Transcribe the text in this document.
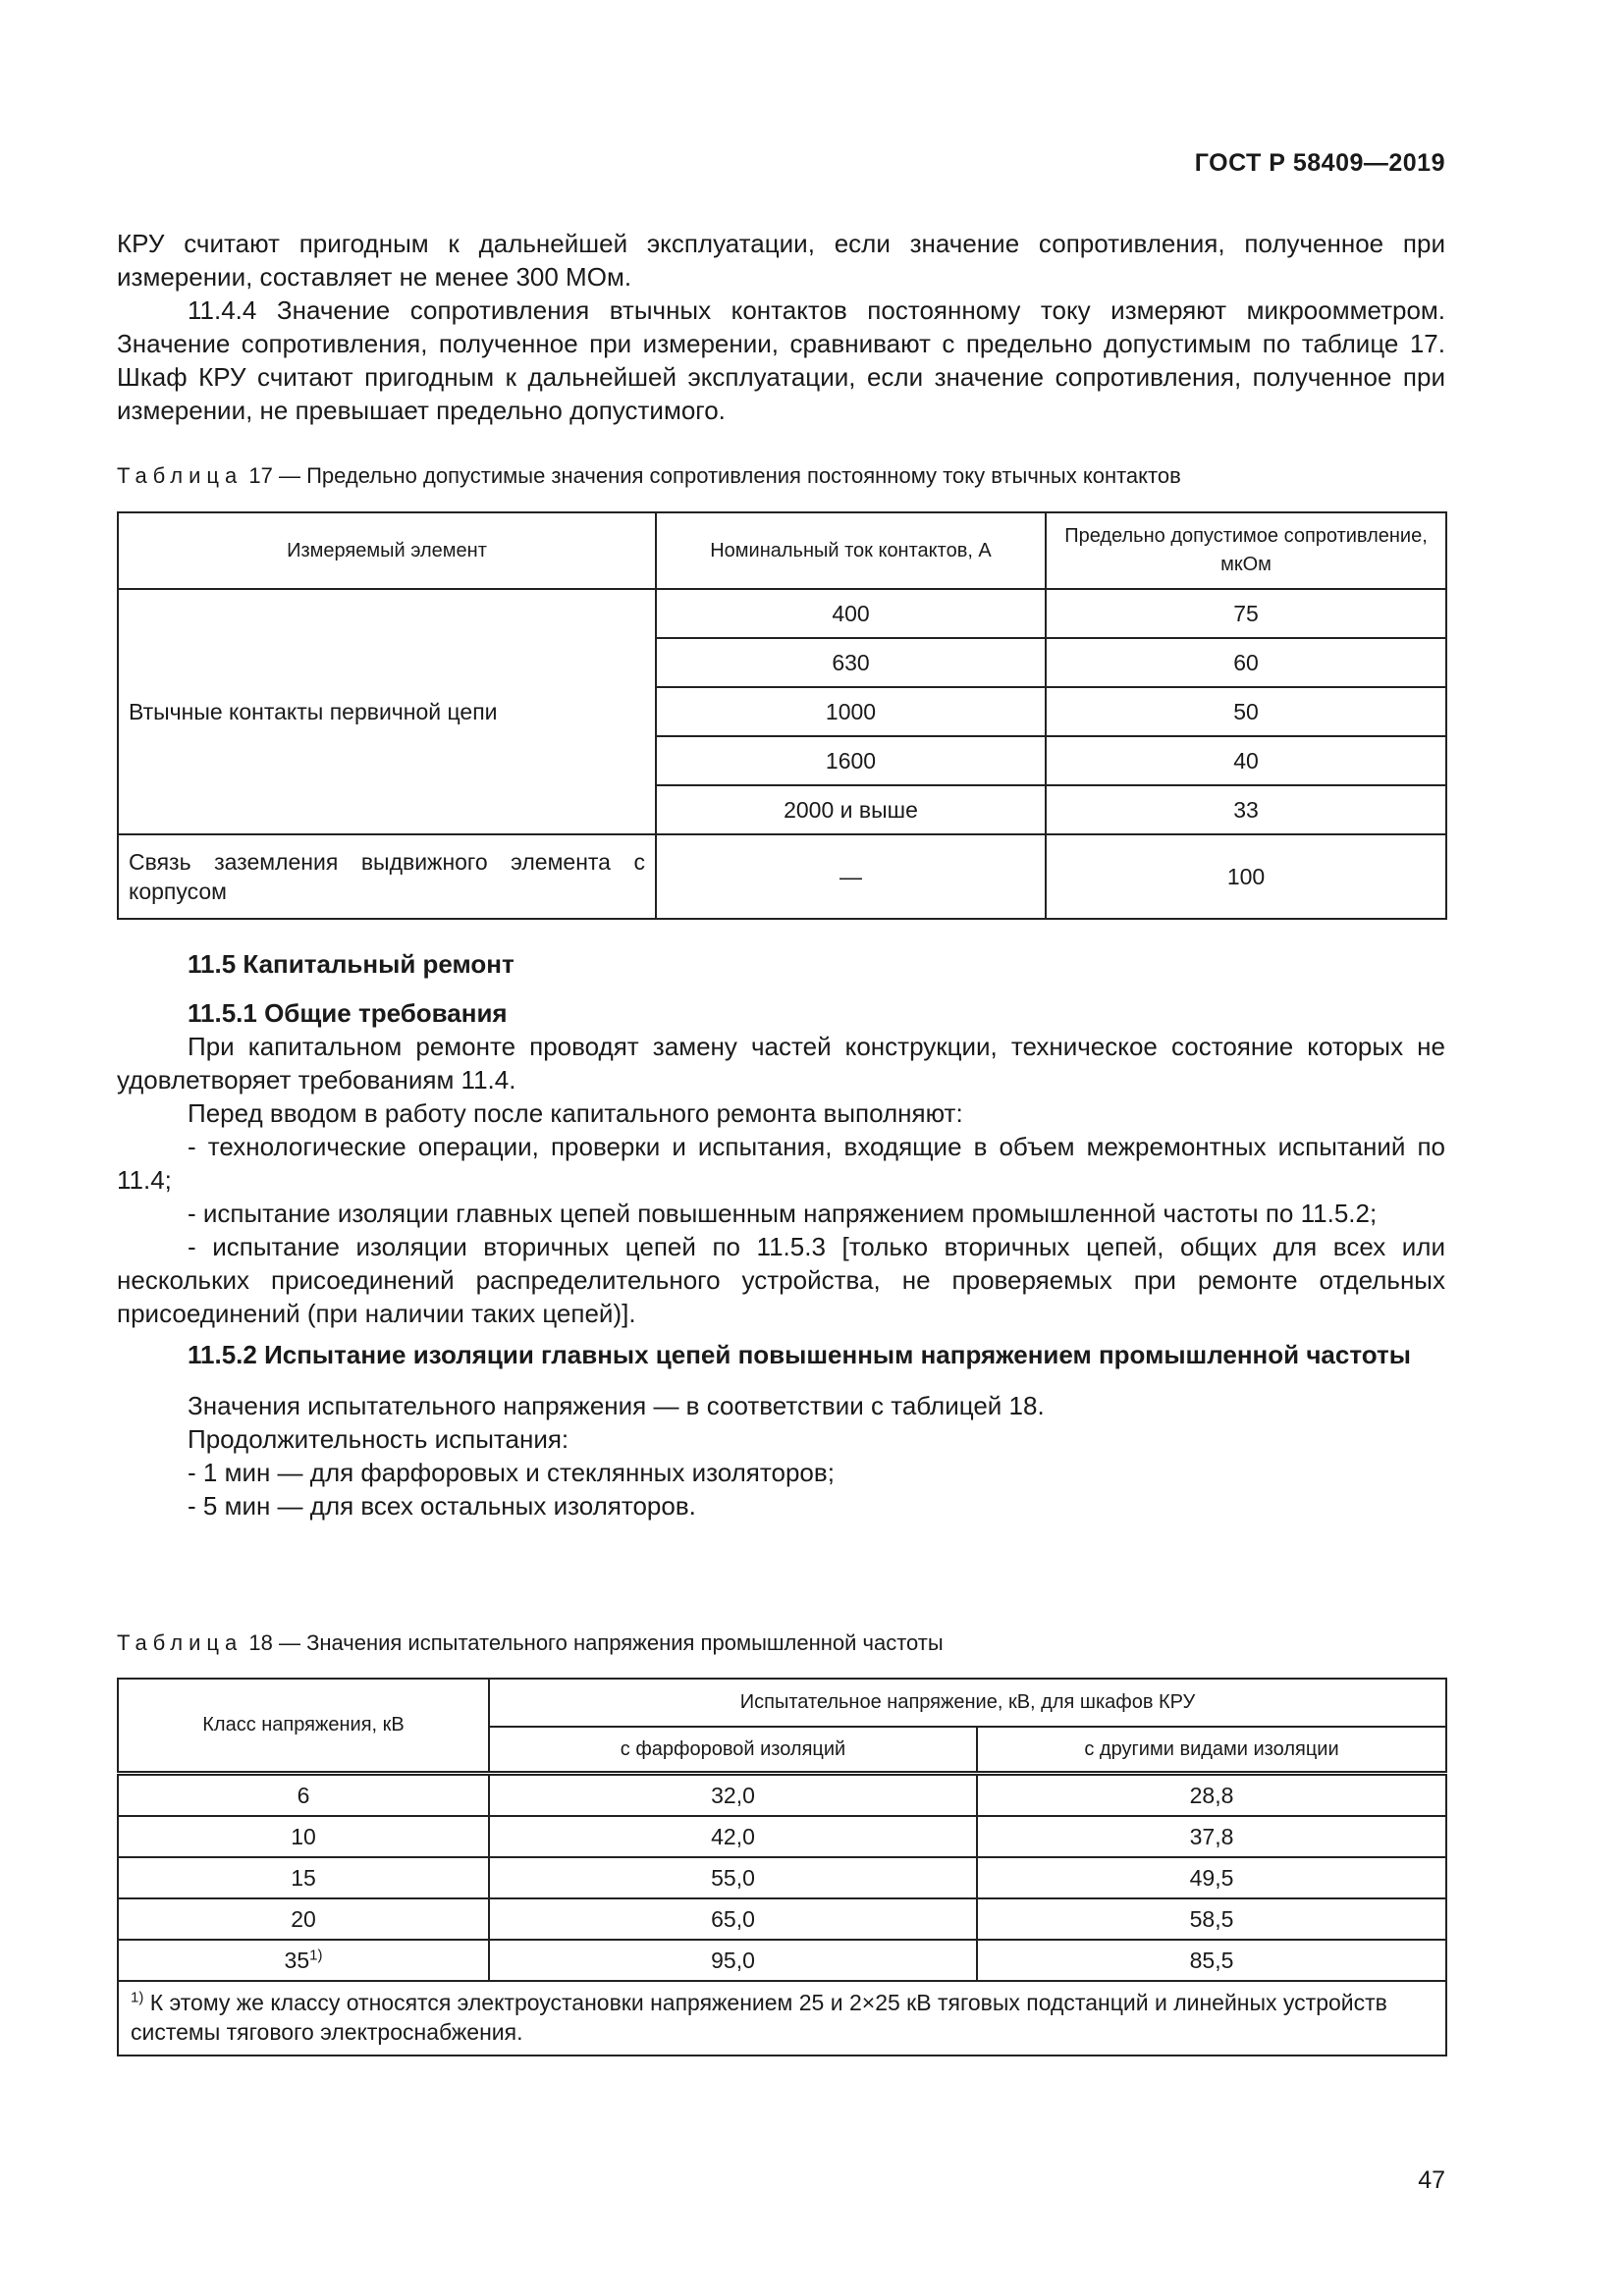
ГОСТ Р 58409—2019

КРУ считают пригодным к дальнейшей эксплуатации, если значение сопротивления, полученное при измерении, составляет не менее 300 МОм.

11.4.4 Значение сопротивления втычных контактов постоянному току измеряют микроомметром. Значение сопротивления, полученное при измерении, сравнивают с предельно допустимым по таблице 17. Шкаф КРУ считают пригодным к дальнейшей эксплуатации, если значение сопротивления, полученное при измерении, не превышает предельно допустимого.

Таблица 17 — Предельно допустимые значения сопротивления постоянному току втычных контактов
Измеряемый элемент	Номинальный ток контактов, А	Предельно допустимое сопротивление, мкОм
Втычные контакты первичной цепи	400	75
	630	60
	1000	50
	1600	40
	2000 и выше	33
Связь заземления выдвижного элемента с корпусом	—	100

11.5 Капитальный ремонт

11.5.1 Общие требования

При капитальном ремонте проводят замену частей конструкции, техническое состояние которых не удовлетворяет требованиям 11.4.

Перед вводом в работу после капитального ремонта выполняют:

- технологические операции, проверки и испытания, входящие в объем межремонтных испытаний по 11.4;

- испытание изоляции главных цепей повышенным напряжением промышленной частоты по 11.5.2;

- испытание изоляции вторичных цепей по 11.5.3 [только вторичных цепей, общих для всех или нескольких присоединений распределительного устройства, не проверяемых при ремонте отдельных присоединений (при наличии таких цепей)].

11.5.2 Испытание изоляции главных цепей повышенным напряжением промышленной частоты

Значения испытательного напряжения — в соответствии с таблицей 18.

Продолжительность испытания:

- 1 мин — для фарфоровых и стеклянных изоляторов;

- 5 мин — для всех остальных изоляторов.

Таблица 18 — Значения испытательного напряжения промышленной частоты
Класс напряжения, кВ	Испытательное напряжение, кВ, для шкафов КРУ	
	с фарфоровой изоляций	с другими видами изоляции
6	32,0	28,8
10	42,0	37,8
15	55,0	49,5
20	65,0	58,5
35$^{1)}$	95,0	85,5
$^{1)}$ К этому же классу относятся электроустановки напряжением 25 и 2×25 кВ тяговых подстанций и линейных устройств системы тягового электроснабжения.		
47
